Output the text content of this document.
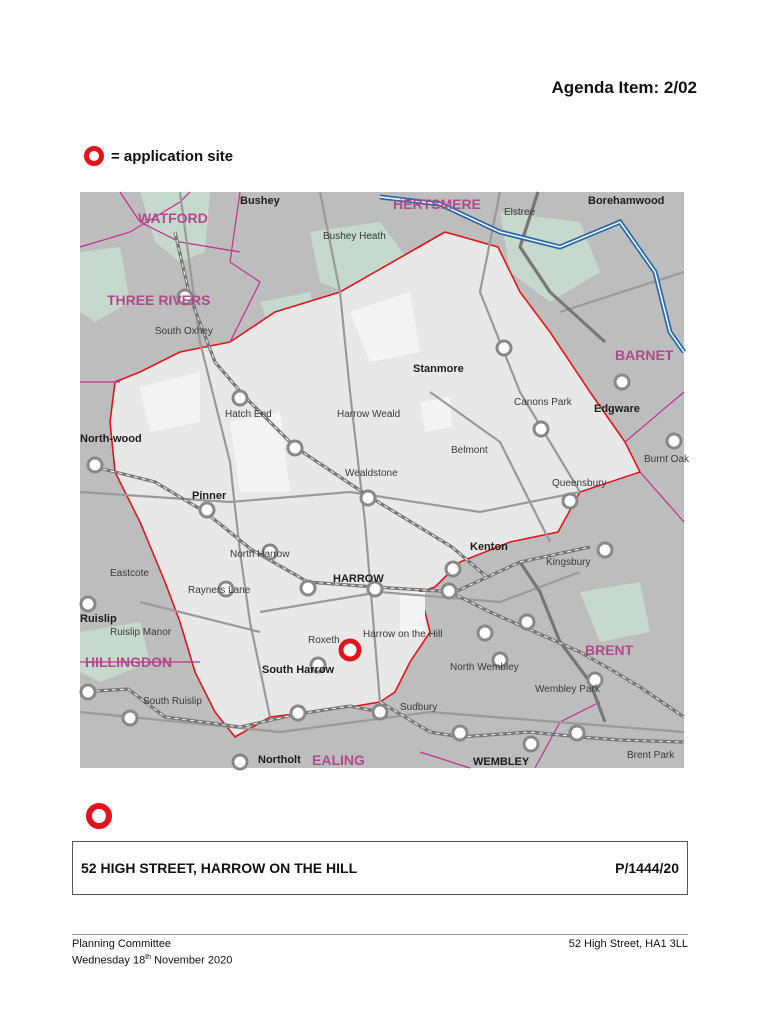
Agenda Item: 2/02
= application site
Bushey
WATFORD
Bushey Heath
HERTSMERE
Elstree
Borehamwood
THREE RIVERS
South Oxhey
BARNET
Stanmore
Canons Park
Edgware
Hatch End	Harrow Weald
Belmont
North-wood
Burnt Oak
Wealdstone
Queensbury
Pinner
Kenton
North Harrow
Kingsbury
Eastcote	HARROW
Rayners Lane
Ruislip
Ruislip Manor
Roxeth
Harrow on the Hill
BRENT
HILLINGDON	South Harrow	North Wembley
Wembley Park
South Ruislip
Sudbury
Northolt EALING	WEMBLEY
Brent Park
52 HIGH STREET, HARROW ON THE HILL	P/1444/20
Planning Committee
Wednesday 18th November 2020
52 High Street, HA1 3LL
